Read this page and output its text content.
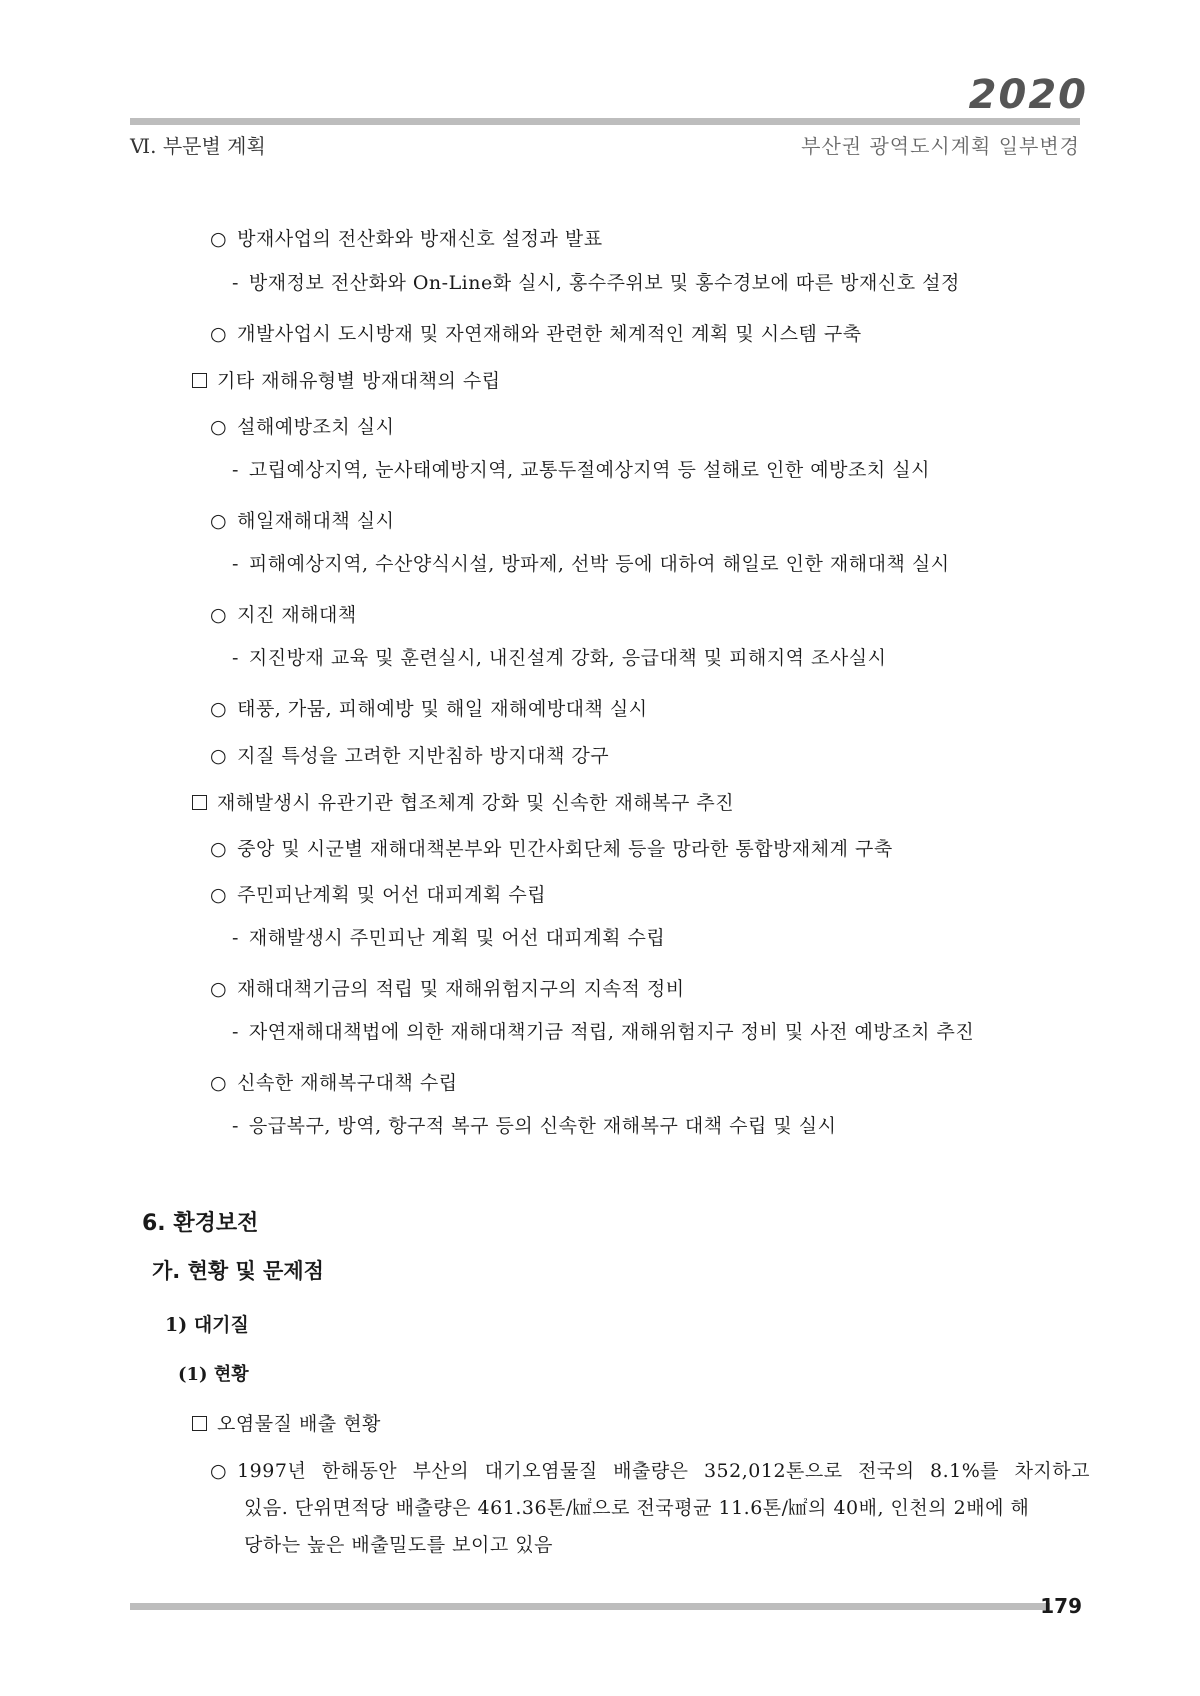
2020
Ⅵ. 부문별 계획	부산권 광역도시계획 일부변경
○ 방재사업의 전산화와 방재신호 설정과 발표
- 방재정보 전산화와 On-Line화 실시, 홍수주위보 및 홍수경보에 따른 방재신호 설정
○ 개발사업시 도시방재 및 자연재해와 관련한 체계적인 계획 및 시스템 구축
기타 재해유형별 방재대책의 수립
○ 설해예방조치 실시
- 고립예상지역, 눈사태예방지역, 교통두절예상지역 등 설해로 인한 예방조치 실시
○ 해일재해대책 실시
- 피해예상지역, 수산양식시설, 방파제, 선박 등에 대하여 해일로 인한 재해대책 실시
○ 지진 재해대책
- 지진방재 교육 및 훈련실시, 내진설계 강화, 응급대책 및 피해지역 조사실시
○ 태풍, 가뭄, 피해예방 및 해일 재해예방대책 실시
○ 지질 특성을 고려한 지반침하 방지대책 강구
재해발생시 유관기관 협조체계 강화 및 신속한 재해복구 추진
○ 중앙 및 시군별 재해대책본부와 민간사회단체 등을 망라한 통합방재체계 구축
○ 주민피난계획 및 어선 대피계획 수립
- 재해발생시 주민피난 계획 및 어선 대피계획 수립
○ 재해대책기금의 적립 및 재해위험지구의 지속적 정비
- 자연재해대책법에 의한 재해대책기금 적립, 재해위험지구 정비 및 사전 예방조치 추진
○ 신속한 재해복구대책 수립
- 응급복구, 방역, 항구적 복구 등의 신속한 재해복구 대책 수립 및 실시
6. 환경보전
가. 현황 및 문제점
1) 대기질
(1) 현황
오염물질 배출 현황
○ 1997년 한해동안 부산의 대기오염물질 배출량은 352,012톤으로 전국의 8.1%를 차지하고
있음. 단위면적당 배출량은 461.36톤/㎢으로 전국평균 11.6톤/㎢의 40배, 인천의 2배에 해
당하는 높은 배출밀도를 보이고 있음
179
